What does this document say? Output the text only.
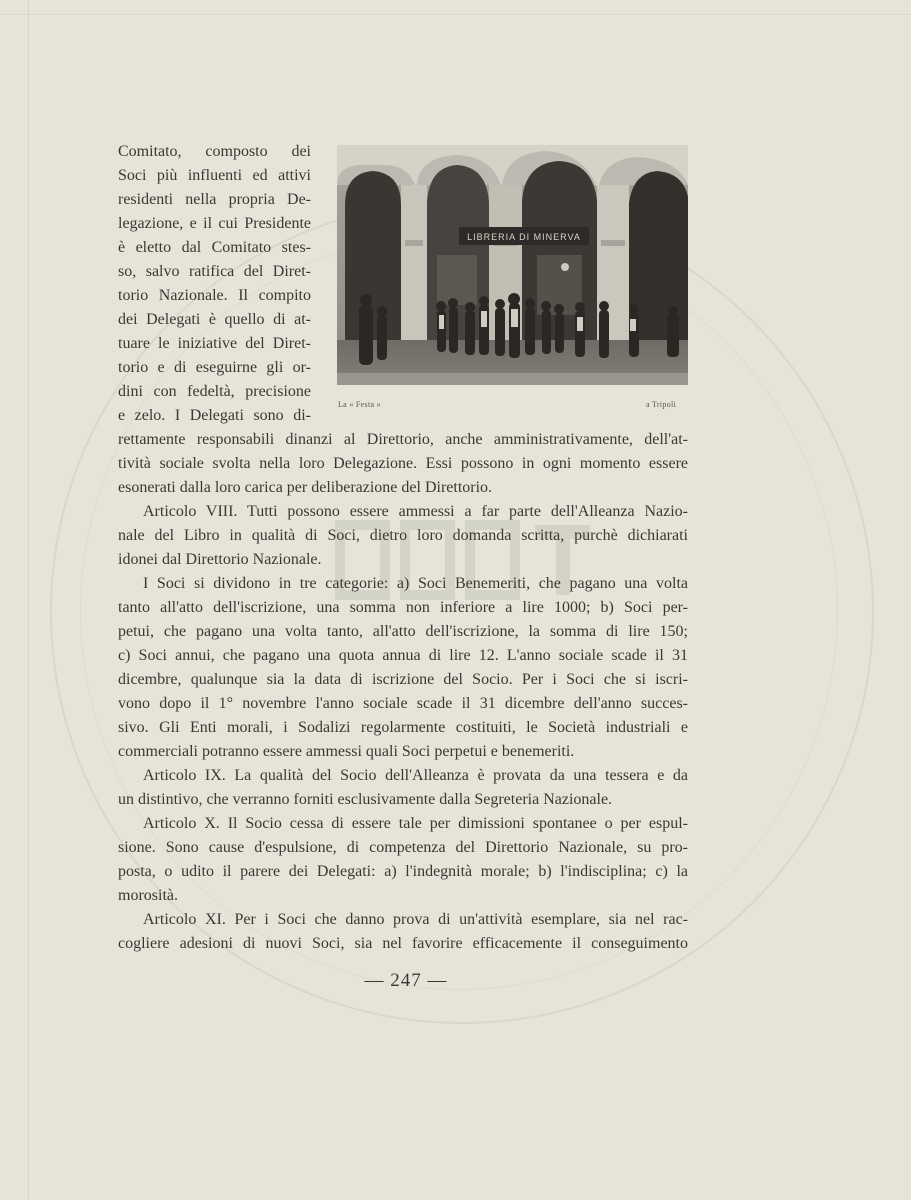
LIBRERIA DI MINERVA
La « Festa »	a Tripoli
Comitato, composto dei
Soci più influenti ed attivi
residenti nella propria De-
legazione, e il cui Presidente
è eletto dal Comitato stes-
so, salvo ratifica del Diret-
torio Nazionale. Il compito
dei Delegati è quello di at-
tuare le iniziative del Diret-
torio e di eseguirne gli or-
dini con fedeltà, precisione
e zelo. I Delegati sono di-
rettamente responsabili dinanzi al Direttorio, anche amministrativamente, dell'at-
tività sociale svolta nella loro Delegazione. Essi possono in ogni momento essere
esonerati dalla loro carica per deliberazione del Direttorio.
Articolo VIII. Tutti possono essere ammessi a far parte dell'Alleanza Nazio-
nale del Libro in qualità di Soci, dietro loro domanda scritta, purchè dichiarati
idonei dal Direttorio Nazionale.
I Soci si dividono in tre categorie: a) Soci Benemeriti, che pagano una volta
tanto all'atto dell'iscrizione, una somma non inferiore a lire 1000; b) Soci per-
petui, che pagano una volta tanto, all'atto dell'iscrizione, la somma di lire 150;
c) Soci annui, che pagano una quota annua di lire 12. L'anno sociale scade il 31
dicembre, qualunque sia la data di iscrizione del Socio. Per i Soci che si iscri-
vono dopo il 1° novembre l'anno sociale scade il 31 dicembre dell'anno succes-
sivo. Gli Enti morali, i Sodalizi regolarmente costituiti, le Società industriali e
commerciali potranno essere ammessi quali Soci perpetui e benemeriti.
Articolo IX. La qualità del Socio dell'Alleanza è provata da una tessera e da
un distintivo, che verranno forniti esclusivamente dalla Segreteria Nazionale.
Articolo X. Il Socio cessa di essere tale per dimissioni spontanee o per espul-
sione. Sono cause d'espulsione, di competenza del Direttorio Nazionale, su pro-
posta, o udito il parere dei Delegati: a) l'indegnità morale; b) l'indisciplina; c) la
morosità.
Articolo XI. Per i Soci che danno prova di un'attività esemplare, sia nel rac-
cogliere adesioni di nuovi Soci, sia nel favorire efficacemente il conseguimento
— 247 —
